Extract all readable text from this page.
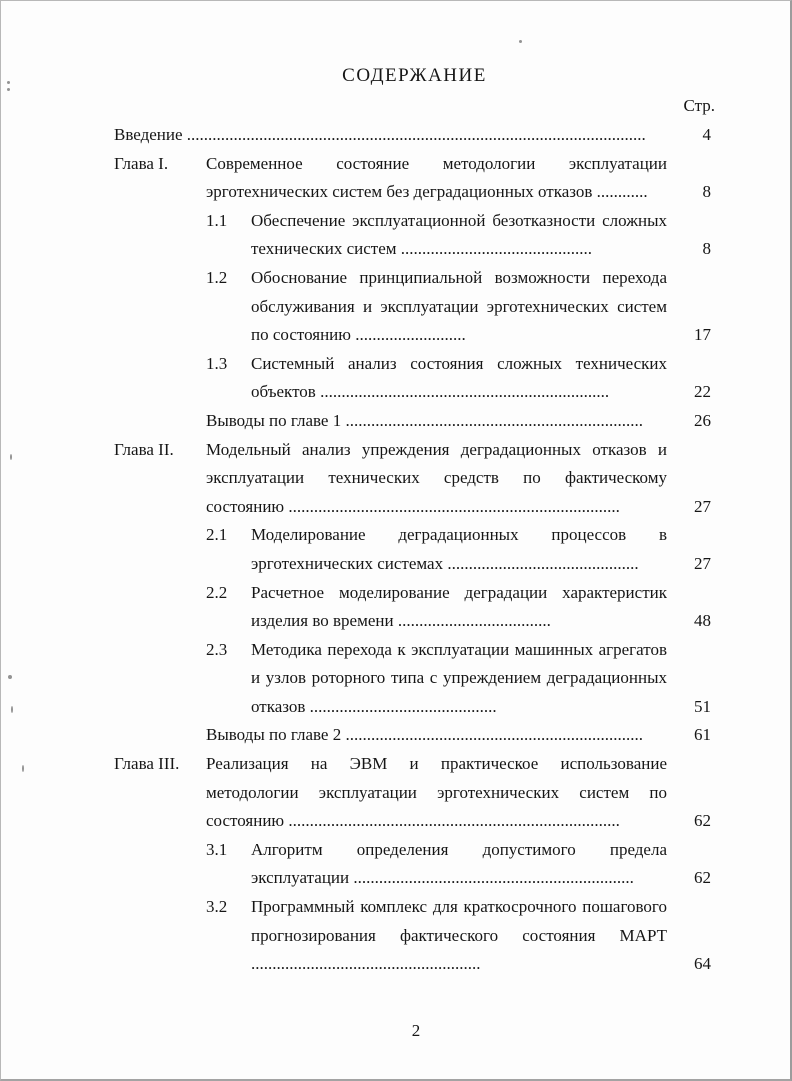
СОДЕРЖАНИЕ
Стр.
Введение ............................................................................................................	4
Глава I. Современное состояние методологии эксплуатации эрготехнических систем без деградационных отказов ............	8
1.1 Обеспечение эксплуатационной безотказности сложных технических систем .............................................	8
1.2 Обоснование принципиальной возможности перехода обслуживания и эксплуатации эрготехнических систем по состоянию ..........................	17
1.3 Системный анализ состояния сложных технических объектов ....................................................................	22
Выводы по главе 1 ......................................................................	26
Глава II. Модельный анализ упреждения деградационных отказов и эксплуатации технических средств по фактическому состоянию ..............................................................................	27
2.1 Моделирование деградационных процессов в эрготехнических системах .............................................	27
2.2 Расчетное моделирование деградации характеристик изделия во времени ....................................	48
2.3 Методика перехода к эксплуатации машинных агрегатов и узлов роторного типа с упреждением деградационных отказов ............................................	51
Выводы по главе 2 ......................................................................	61
Глава III. Реализация на ЭВМ и практическое использование методологии эксплуатации эрготехнических систем по состоянию ..............................................................................	62
3.1 Алгоритм определения допустимого предела эксплуатации ..................................................................	62
3.2 Программный комплекс для краткосрочного пошагового прогнозирования фактического состояния МАРТ ......................................................	64
2
